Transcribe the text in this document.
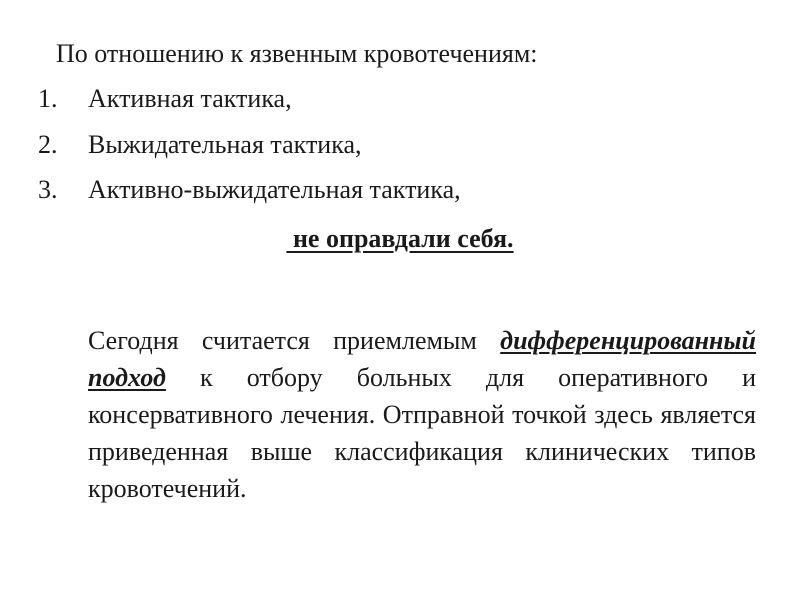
По отношению к язвенным кровотечениям:
1. Активная тактика,
2. Выжидательная тактика,
3. Активно-выжидательная тактика,
не оправдали себя.
Сегодня считается приемлемым дифференцированный подход к отбору больных для оперативного и консервативного лечения. Отправной точкой здесь является приведенная выше классификация клинических типов кровотечений.
